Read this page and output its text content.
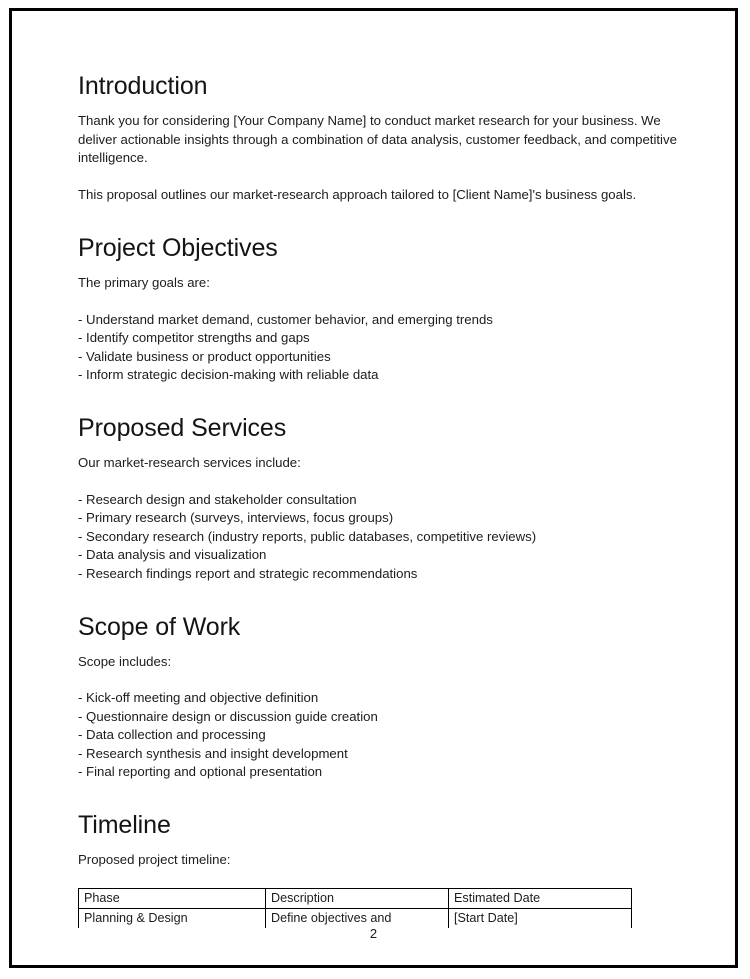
Introduction

Thank you for considering [Your Company Name] to conduct market research for your business. We deliver actionable insights through a combination of data analysis, customer feedback, and competitive intelligence.

This proposal outlines our market-research approach tailored to [Client Name]'s business goals.

Project Objectives

The primary goals are:

- Understand market demand, customer behavior, and emerging trends
- Identify competitor strengths and gaps
- Validate business or product opportunities
- Inform strategic decision-making with reliable data
Proposed Services

Our market-research services include:

- Research design and stakeholder consultation
- Primary research (surveys, interviews, focus groups)
- Secondary research (industry reports, public databases, competitive reviews)
- Data analysis and visualization
- Research findings report and strategic recommendations
Scope of Work

Scope includes:

- Kick-off meeting and objective definition
- Questionnaire design or discussion guide creation
- Data collection and processing
- Research synthesis and insight development
- Final reporting and optional presentation
Timeline

Proposed project timeline:

Phase	Description	Estimated Date
Planning & Design	Define objectives and	[Start Date]
2
